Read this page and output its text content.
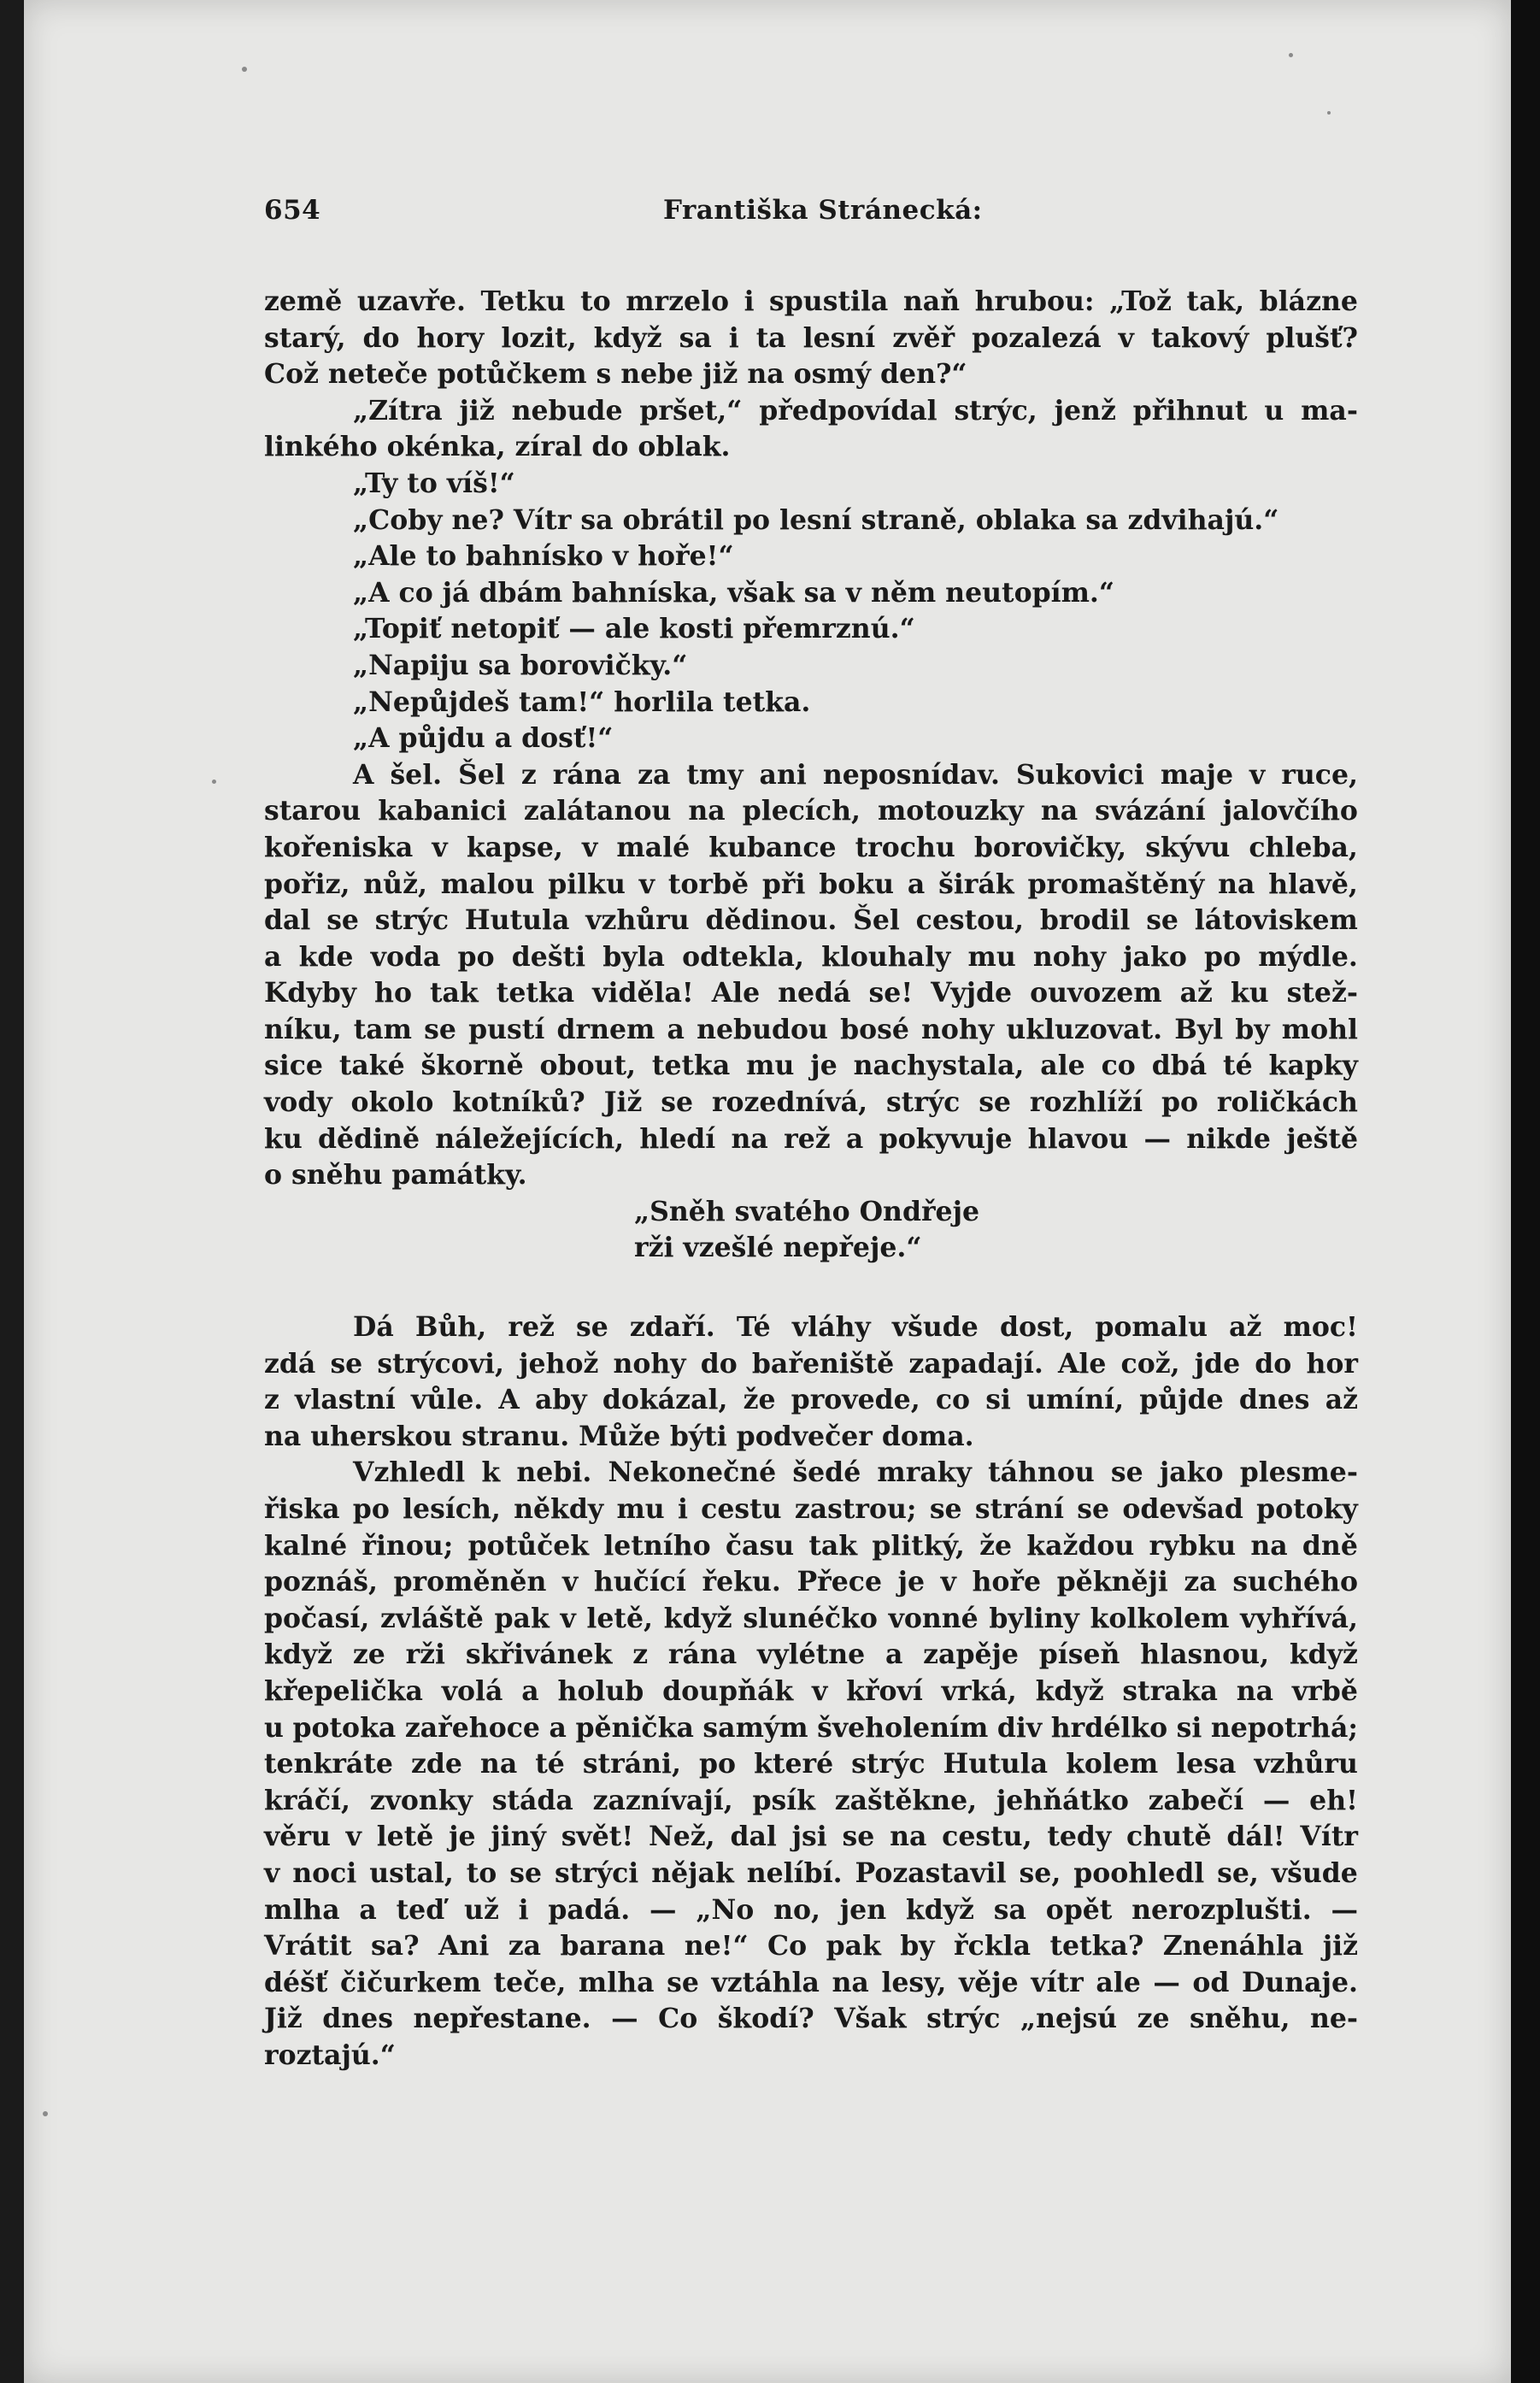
654	Františka Stránecká:
země uzavře. Tetku to mrzelo i spustila naň hrubou: „Tož tak, blázne
starý, do hory lozit, když sa i ta lesní zvěř pozalezá v takový plušť?
Což neteče potůčkem s nebe již na osmý den?“
„Zítra již nebude pršet,“ předpovídal strýc, jenž přihnut u ma-
linkého okénka, zíral do oblak.
„Ty to víš!“
„Coby ne? Vítr sa obrátil po lesní straně, oblaka sa zdvihajú.“
„Ale to bahnísko v hoře!“
„A co já dbám bahníska, však sa v něm neutopím.“
„Topiť netopiť — ale kosti přemrznú.“
„Napiju sa borovičky.“
„Nepůjdeš tam!“ horlila tetka.
„A půjdu a dosť!“
A šel. Šel z rána za tmy ani neposnídav. Sukovici maje v ruce,
starou kabanici zalátanou na plecích, motouzky na svázání jalovčího
kořeniska v kapse, v malé kubance trochu borovičky, skývu chleba,
pořiz, nůž, malou pilku v torbě při boku a širák promaštěný na hlavě,
dal se strýc Hutula vzhůru dědinou. Šel cestou, brodil se látoviskem
a kde voda po dešti byla odtekla, klouhaly mu nohy jako po mýdle.
Kdyby ho tak tetka viděla! Ale nedá se! Vyjde ouvozem až ku stež-
níku, tam se pustí drnem a nebudou bosé nohy ukluzovat. Byl by mohl
sice také škorně obout, tetka mu je nachystala, ale co dbá té kapky
vody okolo kotníků? Již se rozednívá, strýc se rozhlíží po roličkách
ku dědině náležejících, hledí na rež a pokyvuje hlavou — nikde ještě
o sněhu památky.
„Sněh svatého Ondřeje
rži vzešlé nepřeje.“
Dá Bůh, rež se zdaří. Té vláhy všude dost, pomalu až moc!
zdá se strýcovi, jehož nohy do bařeniště zapadají. Ale což, jde do hor
z vlastní vůle. A aby dokázal, že provede, co si umíní, půjde dnes až
na uherskou stranu. Může býti podvečer doma.
Vzhledl k nebi. Nekonečné šedé mraky táhnou se jako plesme-
řiska po lesích, někdy mu i cestu zastrou; se strání se odevšad potoky
kalné řinou; potůček letního času tak plitký, že každou rybku na dně
poznáš, proměněn v hučící řeku. Přece je v hoře pěkněji za suchého
počasí, zvláště pak v letě, když slunéčko vonné byliny kolkolem vyhřívá,
když ze rži skřivánek z rána vylétne a zapěje píseň hlasnou, když
křepelička volá a holub doupňák v křoví vrká, když straka na vrbě
u potoka zařehoce a pěnička samým šveholením div hrdélko si nepotrhá;
tenkráte zde na té stráni, po které strýc Hutula kolem lesa vzhůru
kráčí, zvonky stáda zaznívají, psík zaštěkne, jehňátko zabečí — eh!
věru v letě je jiný svět! Než, dal jsi se na cestu, tedy chutě dál! Vítr
v noci ustal, to se strýci nějak nelíbí. Pozastavil se, poohledl se, všude
mlha a teď už i padá. — „No no, jen když sa opět nerozplušti. —
Vrátit sa? Ani za barana ne!“ Co pak by řckla tetka? Znenáhla již
déšť čičurkem teče, mlha se vztáhla na lesy, věje vítr ale — od Dunaje.
Již dnes nepřestane. — Co škodí? Však strýc „nejsú ze sněhu, ne-
roztajú.“
